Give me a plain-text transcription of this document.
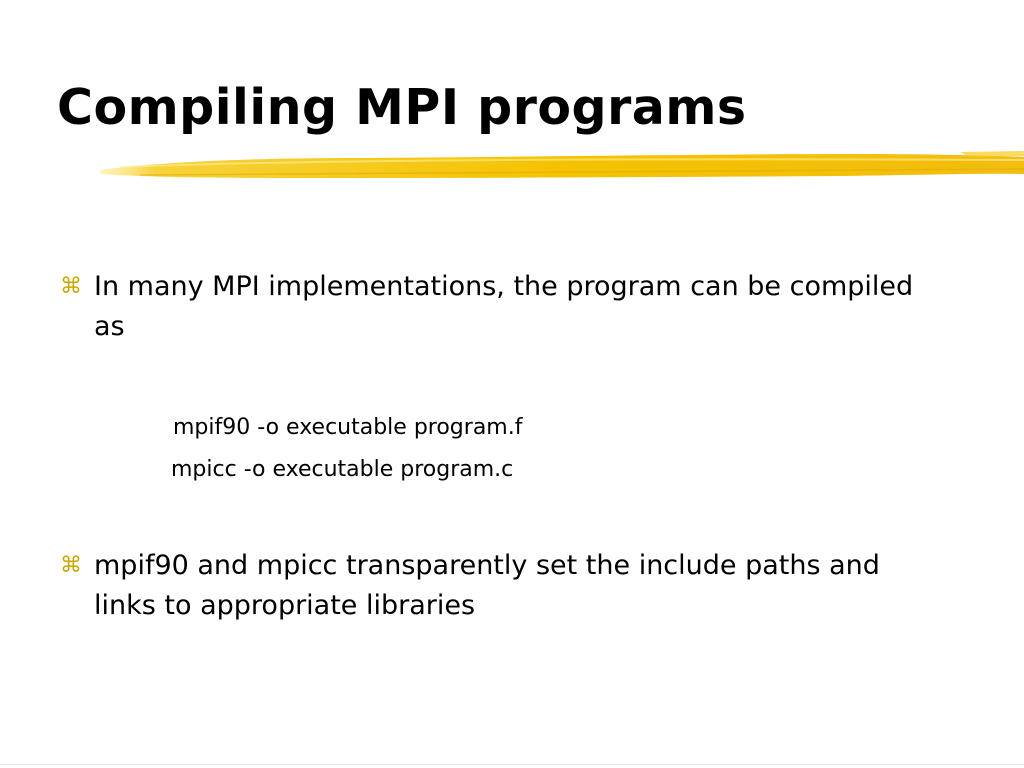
Compiling MPI programs
⌘ In many MPI implementations, the program can be compiled as
mpif90 -o executable program.f
mpicc -o executable program.c
⌘ mpif90 and mpicc transparently set the include paths and links to appropriate libraries
